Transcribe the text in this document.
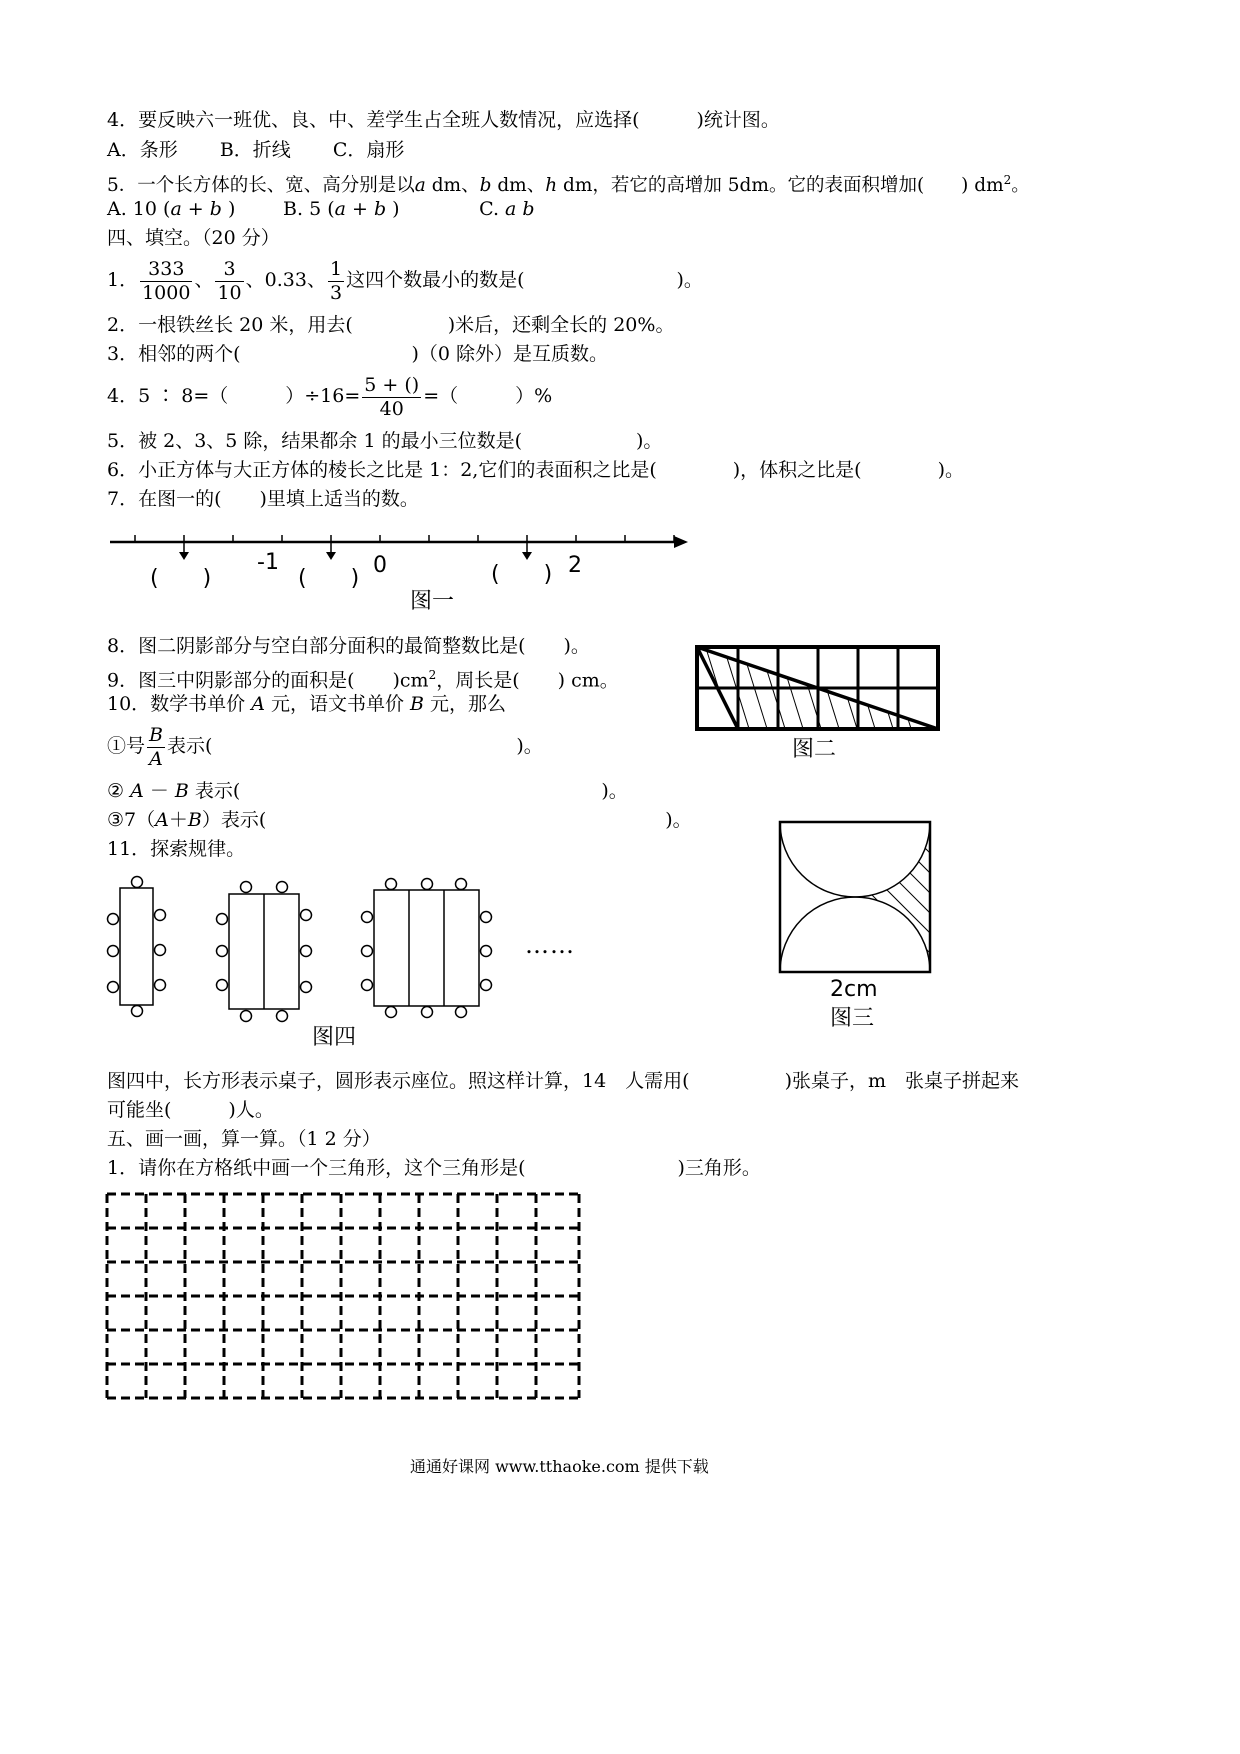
4．要反映六一班优、良、中、差学生占全班人数情况，应选择(　　　)统计图。
A．条形 B．折线 C．扇形
5．一个长方体的长、宽、高分别是以a dm、b dm、h dm，若它的高增加 5dm。它的表面积增加(　　) $dm^2$。
A. 10 (a + b )	B. 5 (a + b )	C. a b
四、填空。（20 分）
1． $\frac{333}{1000}$ 、 $\frac{3}{10}$ 、0.33、 $\frac{1}{3}$ 这四个数最小的数是(　　　　　　　　)。
2．一根铁丝长 20 米，用去(　　　　　)米后，还剩全长的 20%。
3．相邻的两个(　　　　　　　　　)（0 除外）是互质数。
4．5 ∶ 8=（　　　）$\div 16= \frac{5 + ()}{40}$ =（　　　）%
5．被 2、3、5 除，结果都余 1 的最小三位数是(　　　　　　)。
6．小正方体与大正方体的棱长之比是 1：2,它们的表面积之比是(　　　　)，体积之比是(　　　　)。
7．在图一的(　　)里填上适当的数。
-1	0	2
(　　)	(　　)	(　　)
图一
8．图二阴影部分与空白部分面积的最简整数比是(　　)。
9．图三中阴影部分的面积是(　　)$cm^2$，周长是(　　) cm。
10．数学书单价 A 元，语文书单价 B 元，那么
①号 $\frac{B}{A}$ 表示(　　　　　　　　　　　　　　　　)。
② A － B 表示(　　　　　　　　　　　　　　　　　　　)。
③7（A＋B）表示(　　　　　　　　　　　　　　　　　　　　　)。
11．探索规律。
图二
2cm
图三
……
图四
图四中，长方形表示桌子，圆形表示座位。照这样计算，14　人需用(　　　　　)张桌子，m　张桌子拼起来
可能坐(　　　)人。
五、画一画，算一算。（1 2 分）
1．请你在方格纸中画一个三角形，这个三角形是(　　　　　　　　)三角形。
通通好课网 www.tthaoke.com 提供下载
